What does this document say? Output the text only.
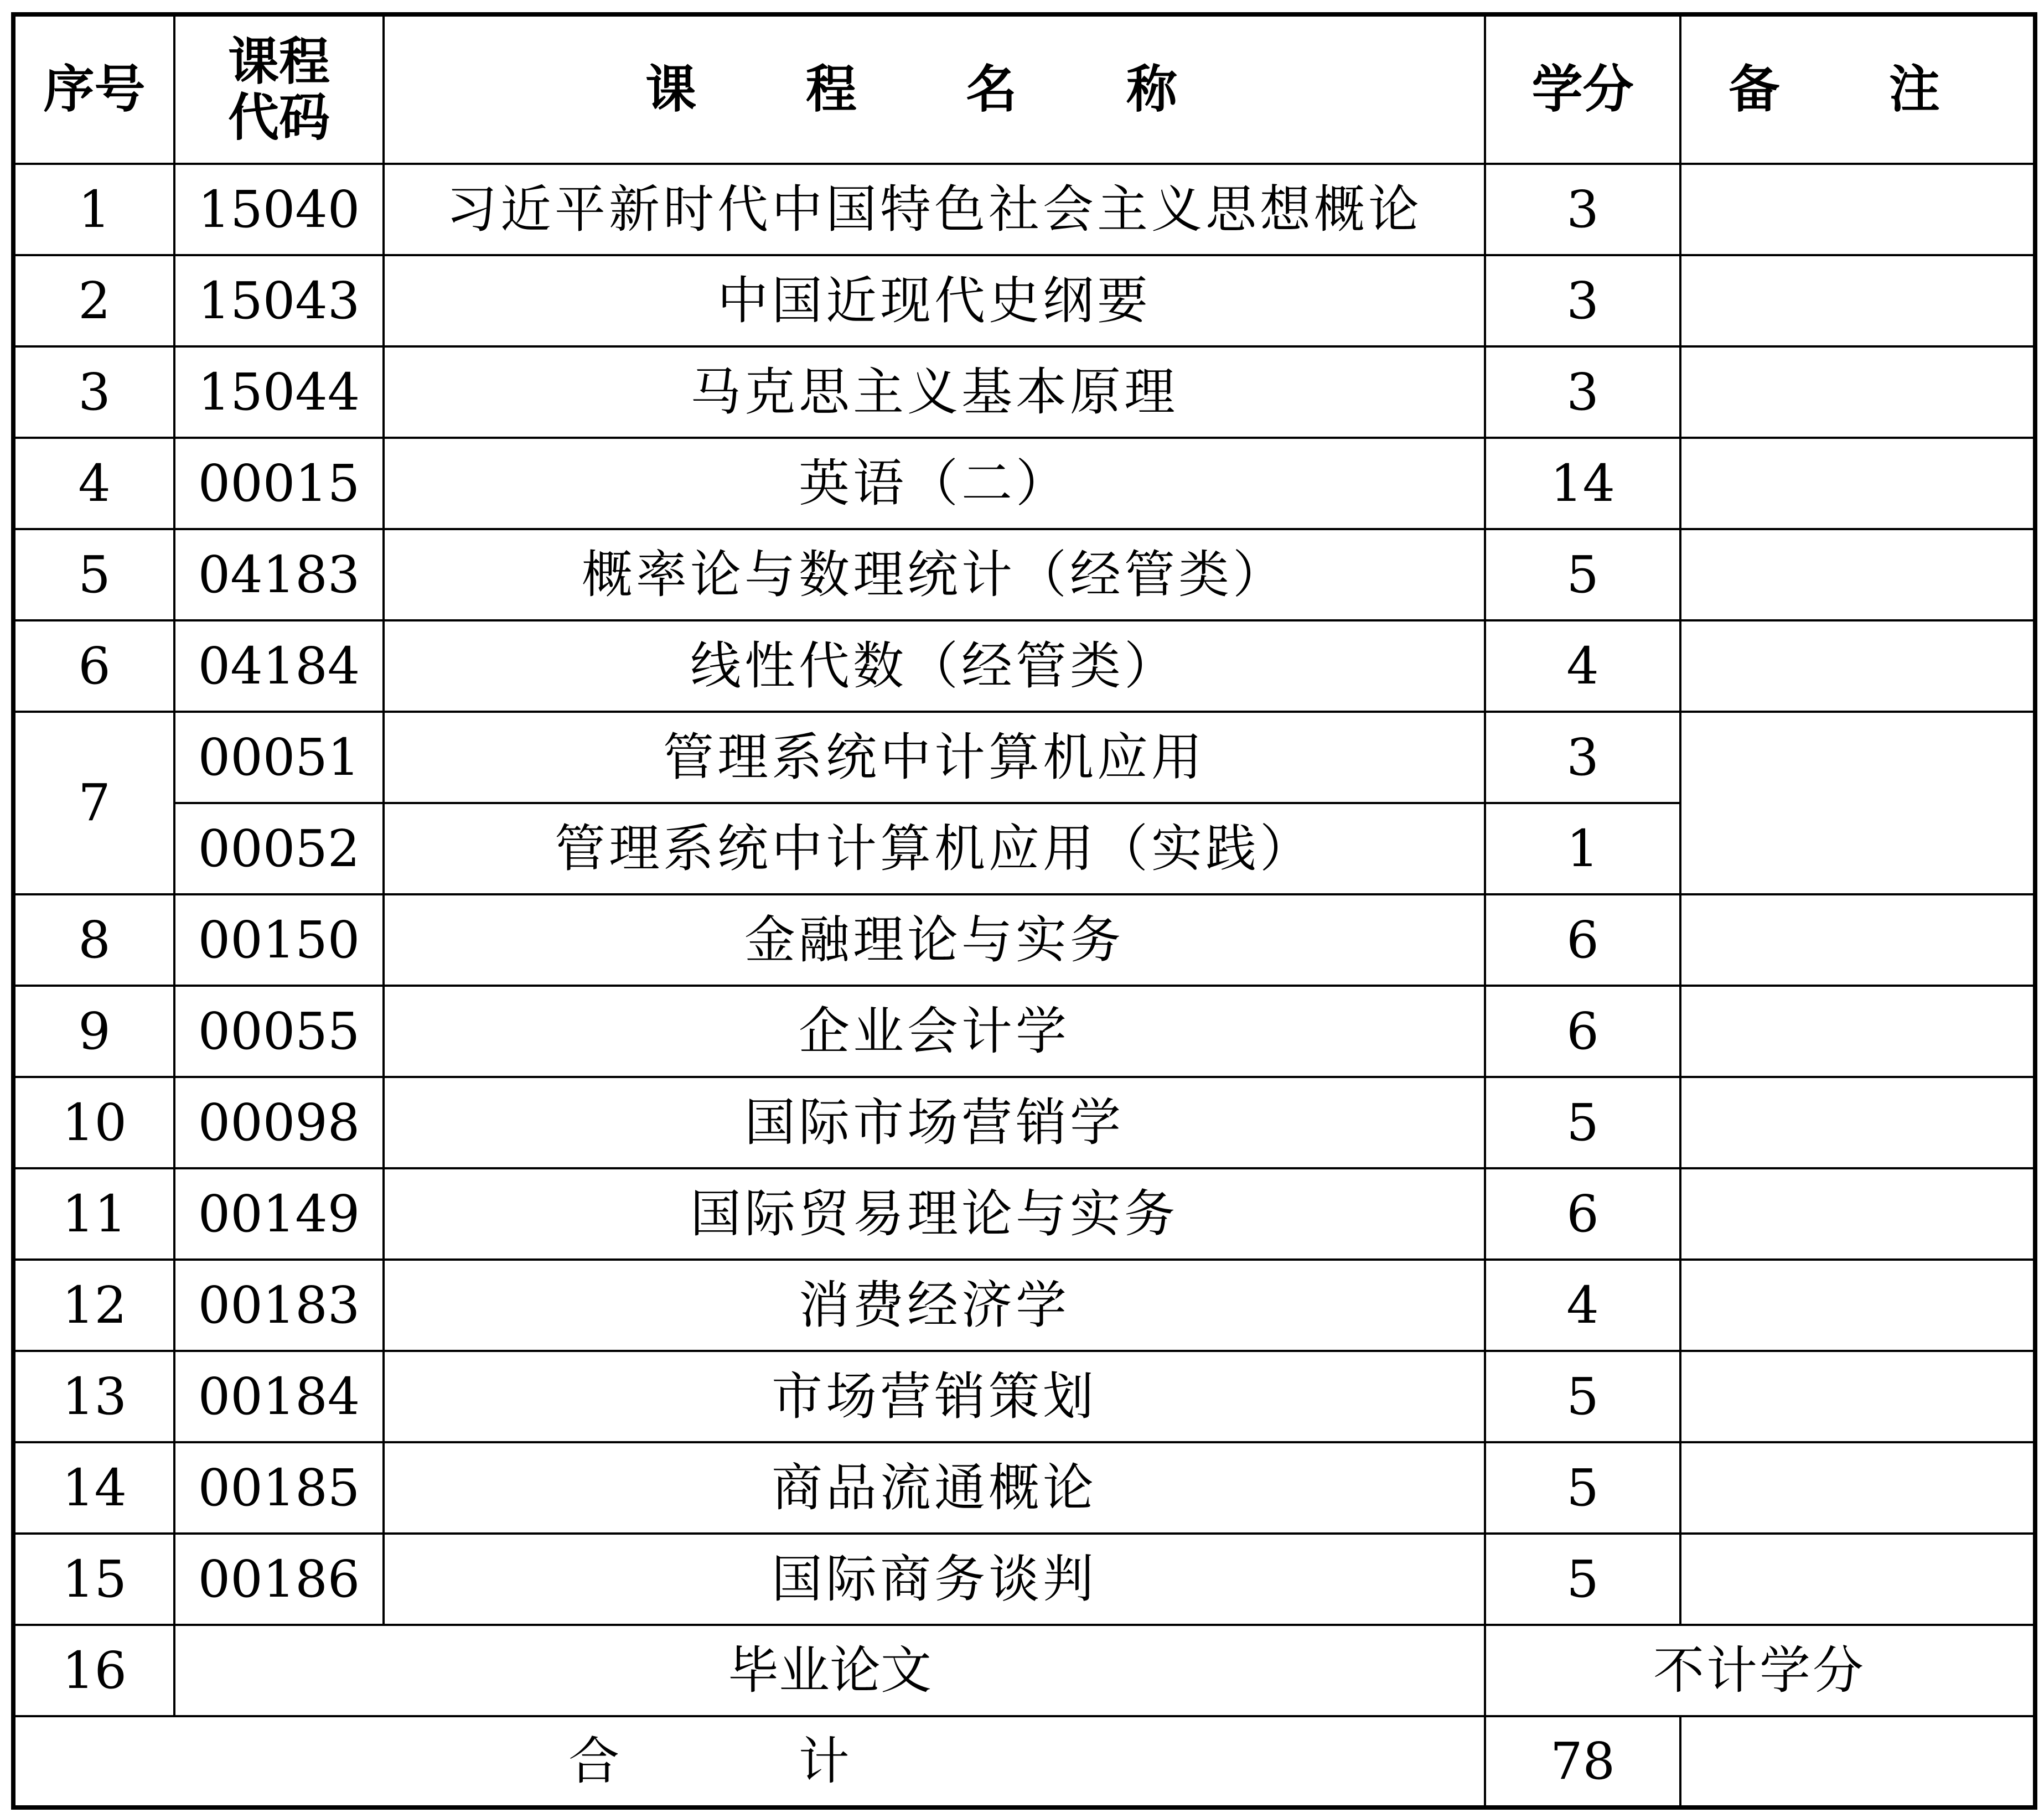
序号	课程代码	课 程 名 称	学分	备 注
1	15040	习近平新时代中国特色社会主义思想概论	3	
2	15043	中国近现代史纲要	3	
3	15044	马克思主义基本原理	3	
4	00015	英语（二）	14	
5	04183	概率论与数理统计（经管类）	5	
6	04184	线性代数（经管类）	4	
7	00051	管理系统中计算机应用	3	
	00052	管理系统中计算机应用（实践）	1	
8	00150	金融理论与实务	6	
9	00055	企业会计学	6	
10	00098	国际市场营销学	5	
11	00149	国际贸易理论与实务	6	
12	00183	消费经济学	4	
13	00184	市场营销策划	5	
14	00185	商品流通概论	5	
15	00186	国际商务谈判	5	
16	毕业论文		不计学分	
合 计			78	
